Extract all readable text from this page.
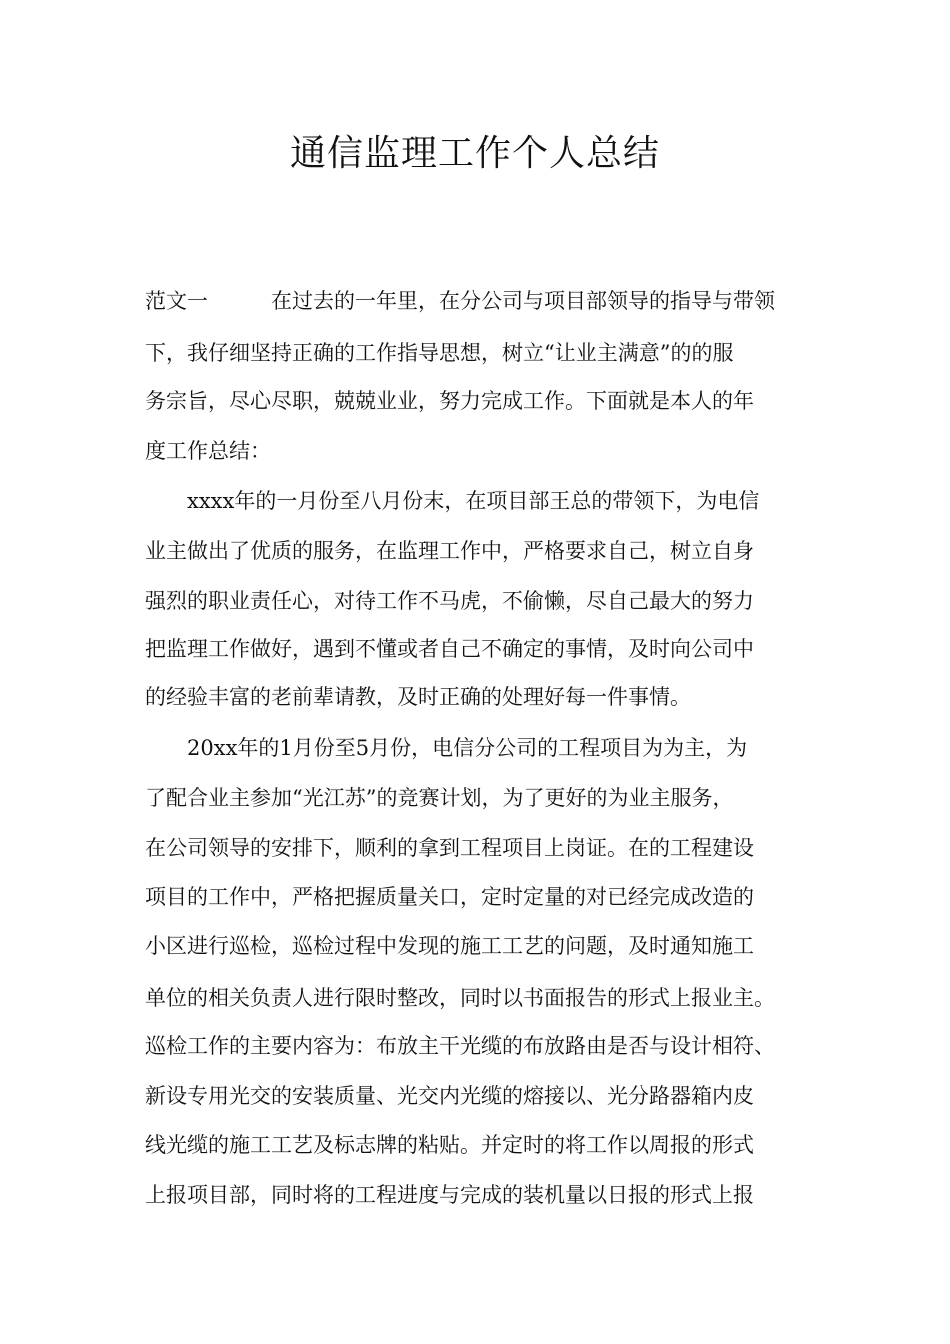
通信监理工作个人总结
范文一　　　在过去的一年里，在分公司与项目部领导的指导与带领
下，我仔细坚持正确的工作指导思想，树立“让业主满意”的的服
务宗旨，尽心尽职，兢兢业业，努力完成工作。下面就是本人的年
度工作总结：
　　xxxx年的一月份至八月份末，在项目部王总的带领下，为电信
业主做出了优质的服务，在监理工作中，严格要求自己，树立自身
强烈的职业责任心，对待工作不马虎，不偷懒，尽自己最大的努力
把监理工作做好，遇到不懂或者自己不确定的事情，及时向公司中
的经验丰富的老前辈请教，及时正确的处理好每一件事情。
　　20xx年的1月份至5月份，电信分公司的工程项目为为主，为
了配合业主参加“光江苏”的竞赛计划，为了更好的为业主服务，
在公司领导的安排下，顺利的拿到工程项目上岗证。在的工程建设
项目的工作中，严格把握质量关口，定时定量的对已经完成改造的
小区进行巡检，巡检过程中发现的施工工艺的问题，及时通知施工
单位的相关负责人进行限时整改，同时以书面报告的形式上报业主。
巡检工作的主要内容为：布放主干光缆的布放路由是否与设计相符、
新设专用光交的安装质量、光交内光缆的熔接以、光分路器箱内皮
线光缆的施工工艺及标志牌的粘贴。并定时的将工作以周报的形式
上报项目部，同时将的工程进度与完成的装机量以日报的形式上报
